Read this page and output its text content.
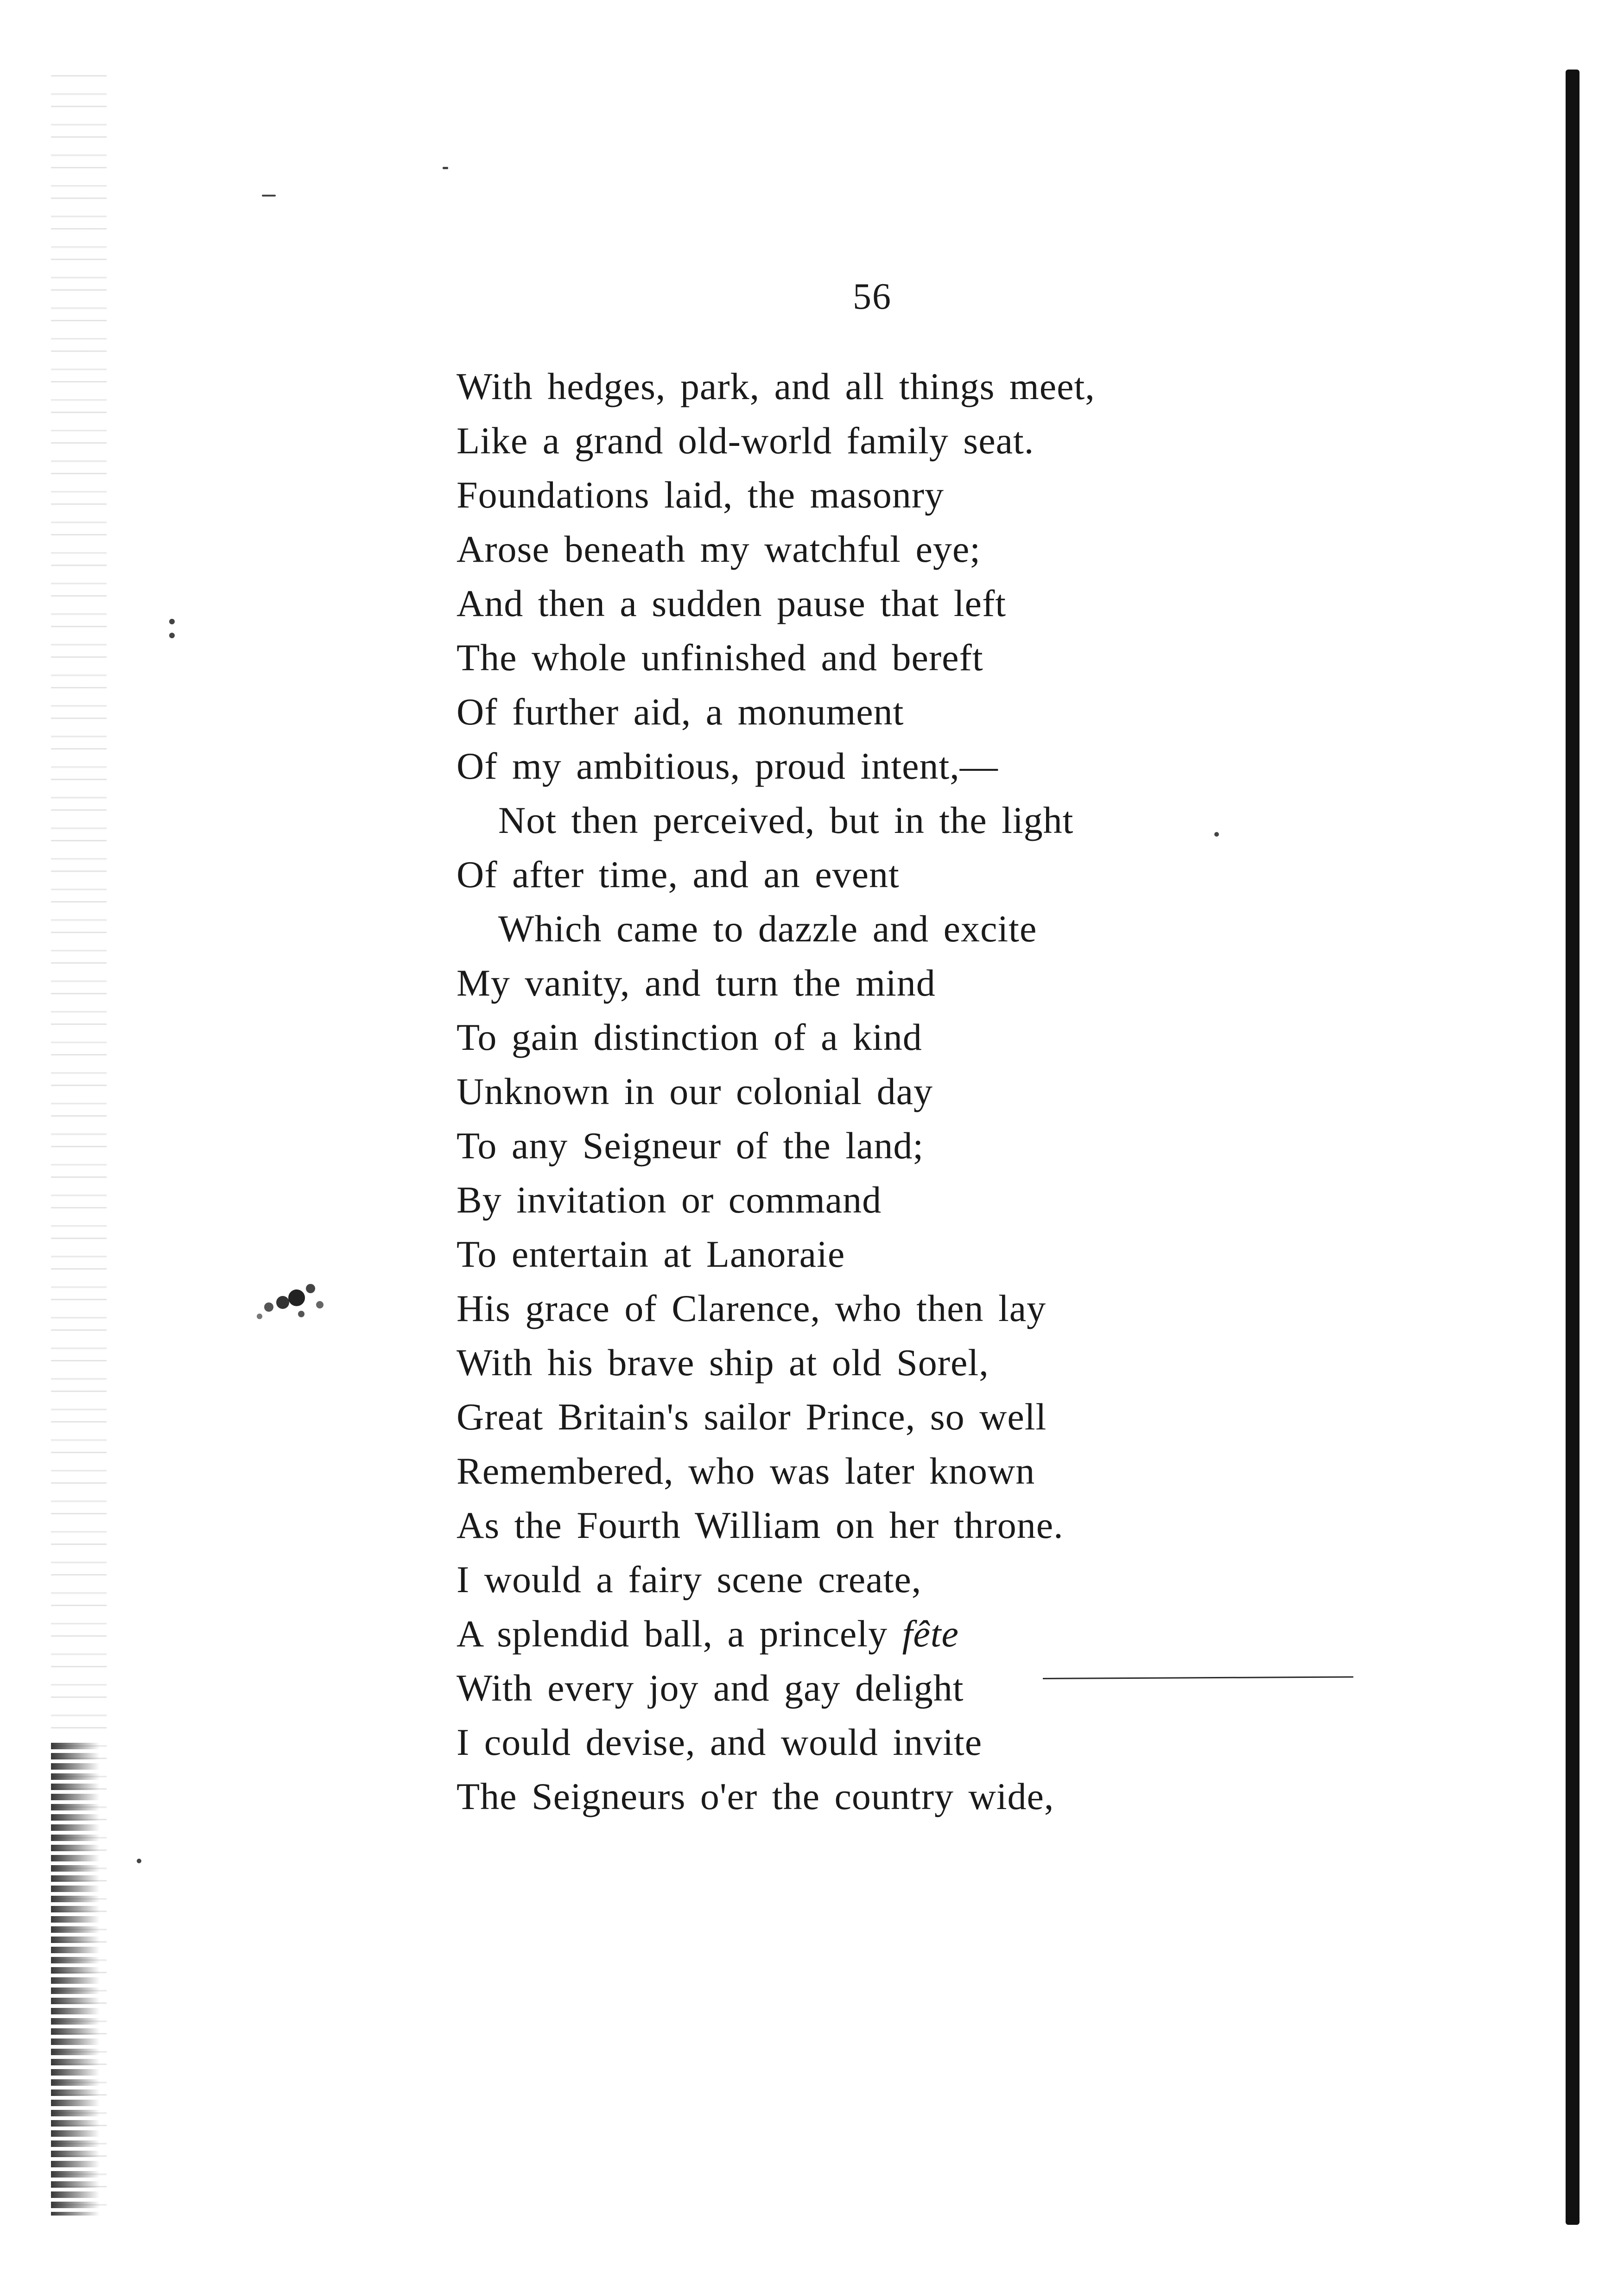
56
With hedges, park, and all things meet,
Like a grand old-world family seat.
Foundations laid, the masonry
Arose beneath my watchful eye;
And then a sudden pause that left
The whole unfinished and bereft
Of further aid, a monument
Of my ambitious, proud intent,—
Not then perceived, but in the light
Of after time, and an event
Which came to dazzle and excite
My vanity, and turn the mind
To gain distinction of a kind
Unknown in our colonial day
To any Seigneur of the land;
By invitation or command
To entertain at Lanoraie
His grace of Clarence, who then lay
With his brave ship at old Sorel,
Great Britain's sailor Prince, so well
Remembered, who was later known
As the Fourth William on her throne.
I would a fairy scene create,
A splendid ball, a princely fête
With every joy and gay delight
I could devise, and would invite
The Seigneurs o'er the country wide,
